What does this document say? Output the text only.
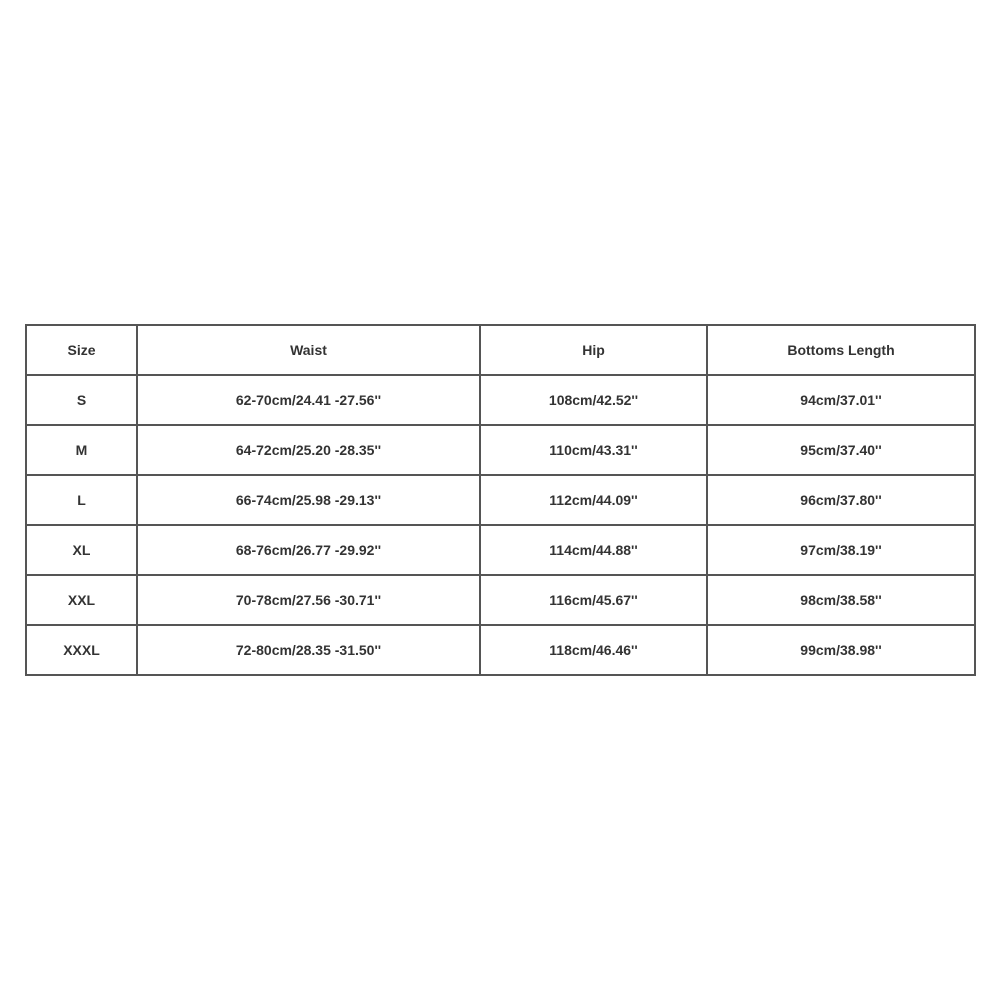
Size	Waist	Hip	Bottoms Length
S	62-70cm/24.41 -27.56''	108cm/42.52''	94cm/37.01''
M	64-72cm/25.20 -28.35''	110cm/43.31''	95cm/37.40''
L	66-74cm/25.98 -29.13''	112cm/44.09''	96cm/37.80''
XL	68-76cm/26.77 -29.92''	114cm/44.88''	97cm/38.19''
XXL	70-78cm/27.56 -30.71''	116cm/45.67''	98cm/38.58''
XXXL	72-80cm/28.35 -31.50''	118cm/46.46''	99cm/38.98''
